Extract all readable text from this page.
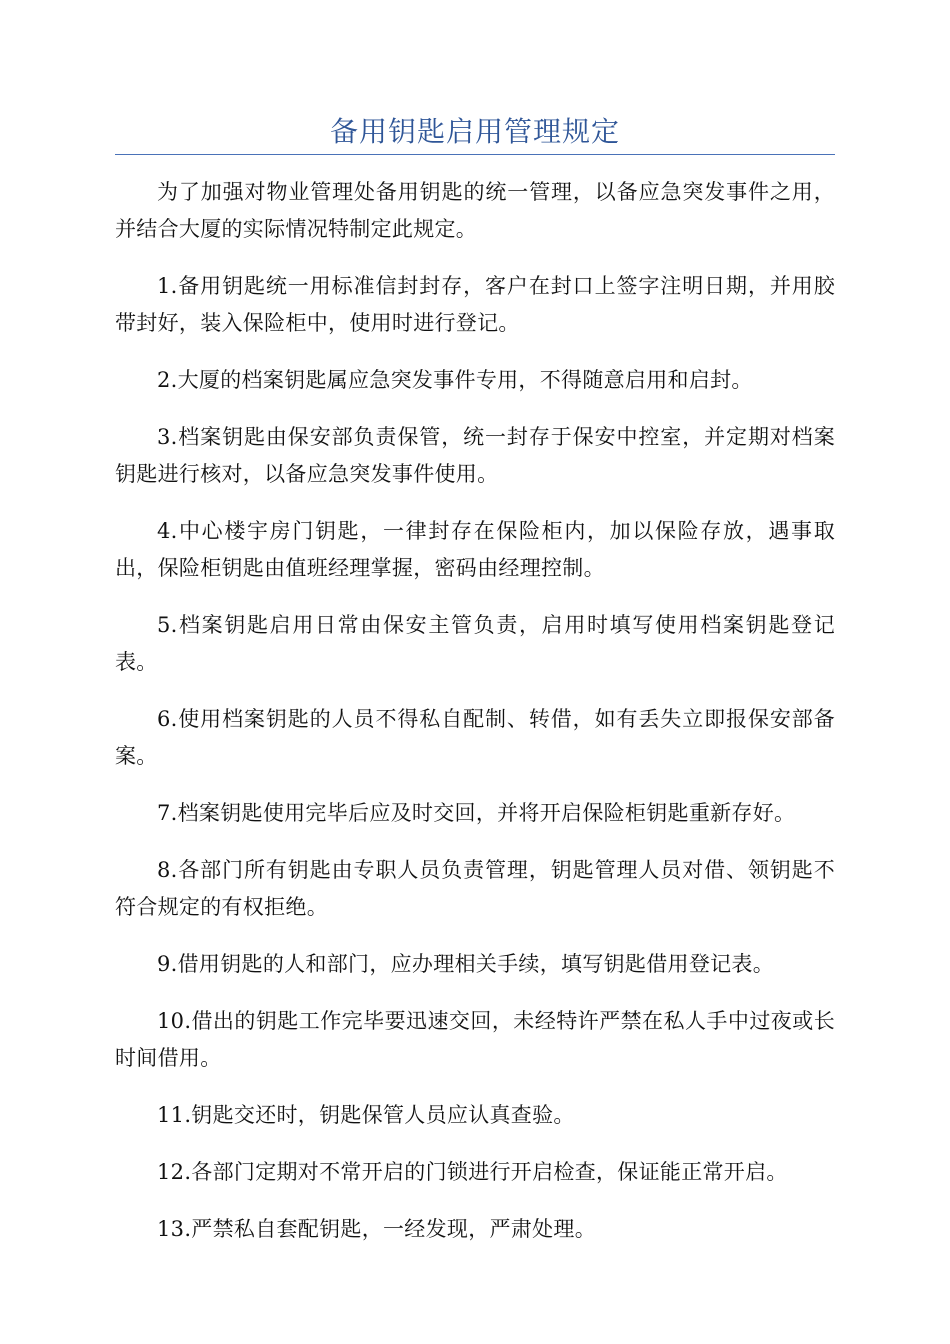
备用钥匙启用管理规定

为了加强对物业管理处备用钥匙的统一管理，以备应急突发事件之用，并结合大厦的实际情况特制定此规定。

1.备用钥匙统一用标准信封封存，客户在封口上签字注明日期，并用胶带封好，装入保险柜中，使用时进行登记。

2.大厦的档案钥匙属应急突发事件专用，不得随意启用和启封。

3.档案钥匙由保安部负责保管，统一封存于保安中控室，并定期对档案钥匙进行核对，以备应急突发事件使用。

4.中心楼宇房门钥匙，一律封存在保险柜内，加以保险存放，遇事取出，保险柜钥匙由值班经理掌握，密码由经理控制。

5.档案钥匙启用日常由保安主管负责，启用时填写使用档案钥匙登记表。

6.使用档案钥匙的人员不得私自配制、转借，如有丢失立即报保安部备案。

7.档案钥匙使用完毕后应及时交回，并将开启保险柜钥匙重新存好。

8.各部门所有钥匙由专职人员负责管理，钥匙管理人员对借、领钥匙不符合规定的有权拒绝。

9.借用钥匙的人和部门，应办理相关手续，填写钥匙借用登记表。

10.借出的钥匙工作完毕要迅速交回，未经特许严禁在私人手中过夜或长时间借用。

11.钥匙交还时，钥匙保管人员应认真查验。

12.各部门定期对不常开启的门锁进行开启检查，保证能正常开启。

13.严禁私自套配钥匙，一经发现，严肃处理。
